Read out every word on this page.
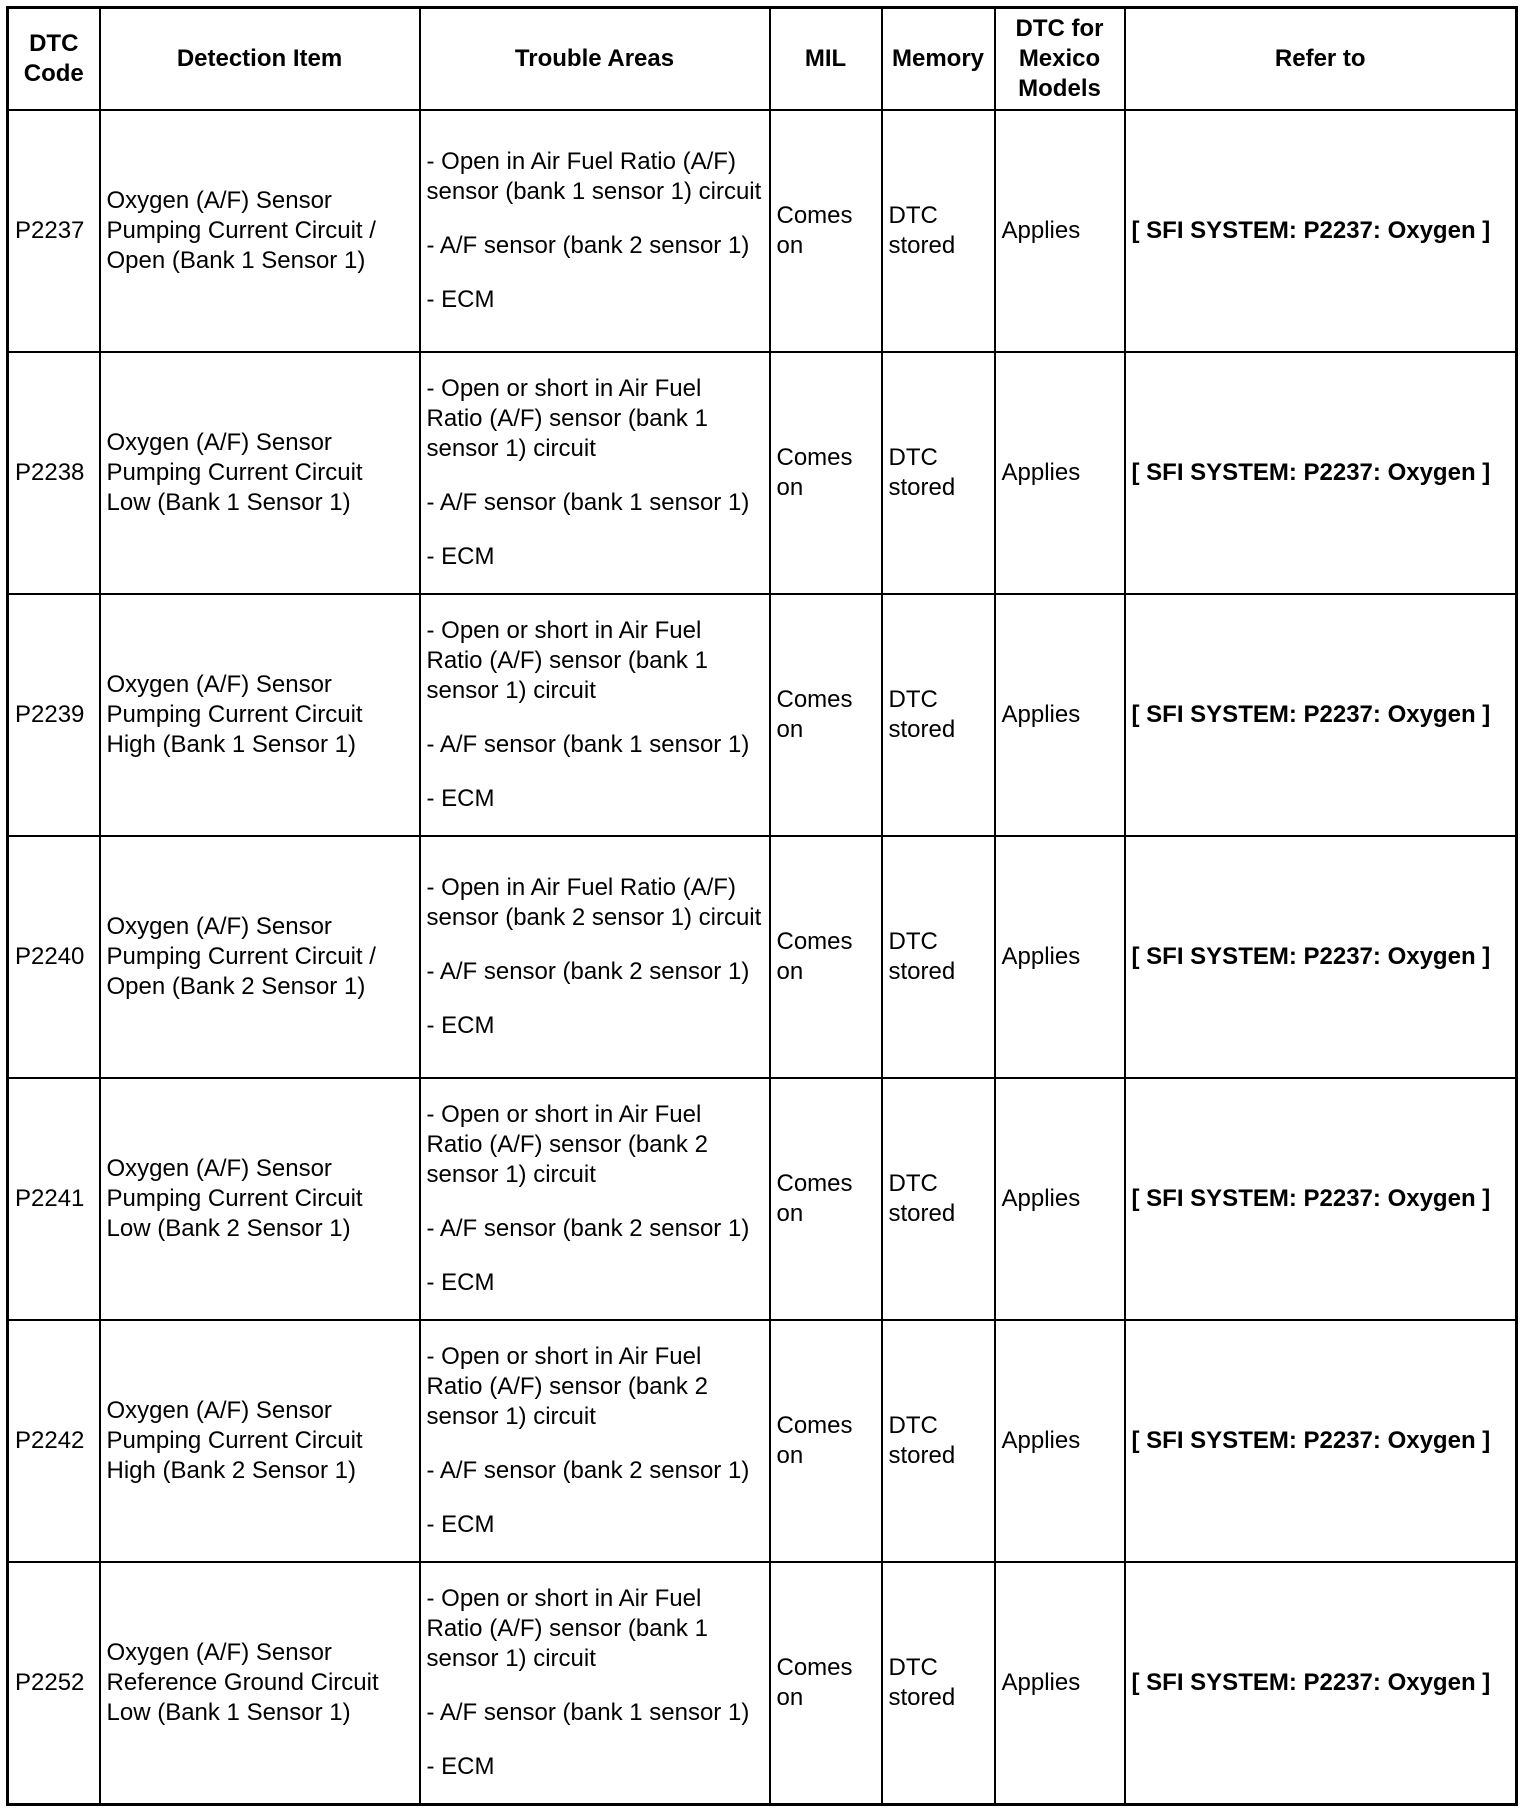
DTC Code	Detection Item	Trouble Areas	MIL	Memory	DTC for Mexico Models	Refer to
P2237	Oxygen (A/F) Sensor Pumping Current Circuit / Open (Bank 1 Sensor 1)	- Open in Air Fuel Ratio (A/F) sensor (bank 1 sensor 1) circuit
- A/F sensor (bank 2 sensor 1)
- ECM	Comes on	DTC stored	Applies	[ SFI SYSTEM: P2237: Oxygen ]
P2238	Oxygen (A/F) Sensor Pumping Current Circuit Low (Bank 1 Sensor 1)	- Open or short in Air Fuel Ratio (A/F) sensor (bank 1 sensor 1) circuit
- A/F sensor (bank 1 sensor 1)
- ECM	Comes on	DTC stored	Applies	[ SFI SYSTEM: P2237: Oxygen ]
P2239	Oxygen (A/F) Sensor Pumping Current Circuit High (Bank 1 Sensor 1)	- Open or short in Air Fuel Ratio (A/F) sensor (bank 1 sensor 1) circuit
- A/F sensor (bank 1 sensor 1)
- ECM	Comes on	DTC stored	Applies	[ SFI SYSTEM: P2237: Oxygen ]
P2240	Oxygen (A/F) Sensor Pumping Current Circuit / Open (Bank 2 Sensor 1)	- Open in Air Fuel Ratio (A/F) sensor (bank 2 sensor 1) circuit
- A/F sensor (bank 2 sensor 1)
- ECM	Comes on	DTC stored	Applies	[ SFI SYSTEM: P2237: Oxygen ]
P2241	Oxygen (A/F) Sensor Pumping Current Circuit Low (Bank 2 Sensor 1)	- Open or short in Air Fuel Ratio (A/F) sensor (bank 2 sensor 1) circuit
- A/F sensor (bank 2 sensor 1)
- ECM	Comes on	DTC stored	Applies	[ SFI SYSTEM: P2237: Oxygen ]
P2242	Oxygen (A/F) Sensor Pumping Current Circuit High (Bank 2 Sensor 1)	- Open or short in Air Fuel Ratio (A/F) sensor (bank 2 sensor 1) circuit
- A/F sensor (bank 2 sensor 1)
- ECM	Comes on	DTC stored	Applies	[ SFI SYSTEM: P2237: Oxygen ]
P2252	Oxygen (A/F) Sensor Reference Ground Circuit Low (Bank 1 Sensor 1)	- Open or short in Air Fuel Ratio (A/F) sensor (bank 1 sensor 1) circuit
- A/F sensor (bank 1 sensor 1)
- ECM	Comes on	DTC stored	Applies	[ SFI SYSTEM: P2237: Oxygen ]
